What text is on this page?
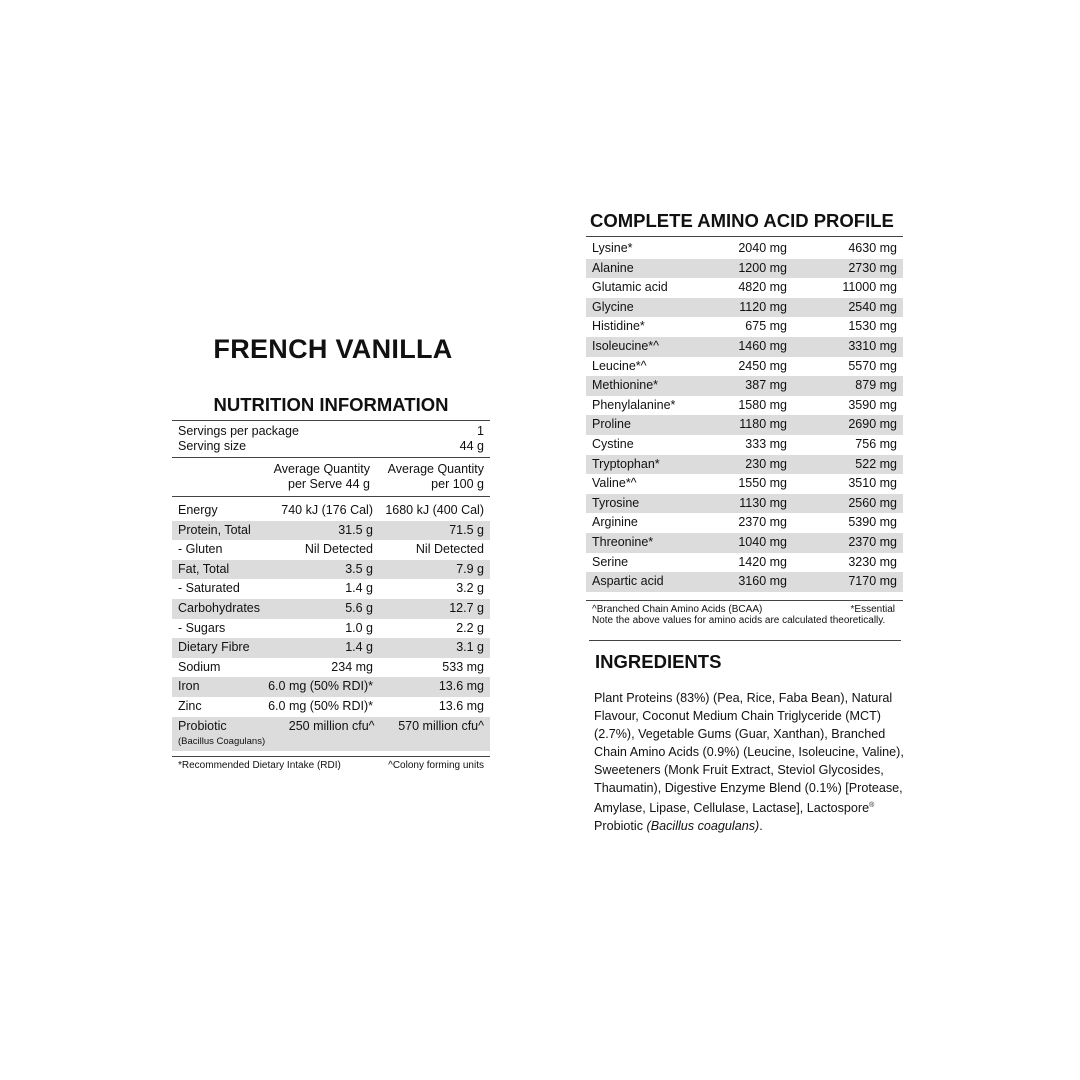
FRENCH VANILLA
NUTRITION INFORMATION
Servings per package	1
Serving size	44 g
Average Quantity
per Serve 44 g
Average Quantity
per 100 g
Energy	740 kJ (176 Cal) 1680 kJ (400 Cal)
Protein, Total	31.5 g	71.5 g
- Gluten	Nil Detected	Nil Detected
Fat, Total	3.5 g	7.9 g
- Saturated	1.4 g	3.2 g
Carbohydrates	5.6 g	12.7 g
- Sugars	1.0 g	2.2 g
Dietary Fibre	1.4 g	3.1 g
Sodium	234 mg	533 mg
Iron	6.0 mg (50% RDI)*	13.6 mg
Zinc	6.0 mg (50% RDI)*	13.6 mg
Probiotic
(Bacillus Coagulans)
250 million cfu^	570 million cfu^
*Recommended Dietary Intake (RDI)	^Colony forming units
COMPLETE AMINO ACID PROFILE
Lysine*	2040 mg	4630 mg
Alanine	1200 mg	2730 mg
Glutamic acid	4820 mg	11000 mg
Glycine	1120 mg	2540 mg
Histidine*	675 mg	1530 mg
Isoleucine*^	1460 mg	3310 mg
Leucine*^	2450 mg	5570 mg
Methionine*	387 mg	879 mg
Phenylalanine*	1580 mg	3590 mg
Proline	1180 mg	2690 mg
Cystine	333 mg	756 mg
Tryptophan*	230 mg	522 mg
Valine*^	1550 mg	3510 mg
Tyrosine	1130 mg	2560 mg
Arginine	2370 mg	5390 mg
Threonine*	1040 mg	2370 mg
Serine	1420 mg	3230 mg
Aspartic acid	3160 mg	7170 mg
^Branched Chain Amino Acids (BCAA)	*Essential
Note the above values for amino acids are calculated theoretically.
INGREDIENTS
Plant Proteins (83%) (Pea, Rice, Faba Bean), Natural Flavour, Coconut Medium Chain Triglyceride (MCT) (2.7%), Vegetable Gums (Guar, Xanthan), Branched Chain Amino Acids (0.9%) (Leucine, Isoleucine, Valine), Sweeteners (Monk Fruit Extract, Steviol Glycosides, Thaumatin), Digestive Enzyme Blend (0.1%) [Protease, Amylase, Lipase, Cellulase, Lactase], Lactospore® Probiotic (Bacillus coagulans).
